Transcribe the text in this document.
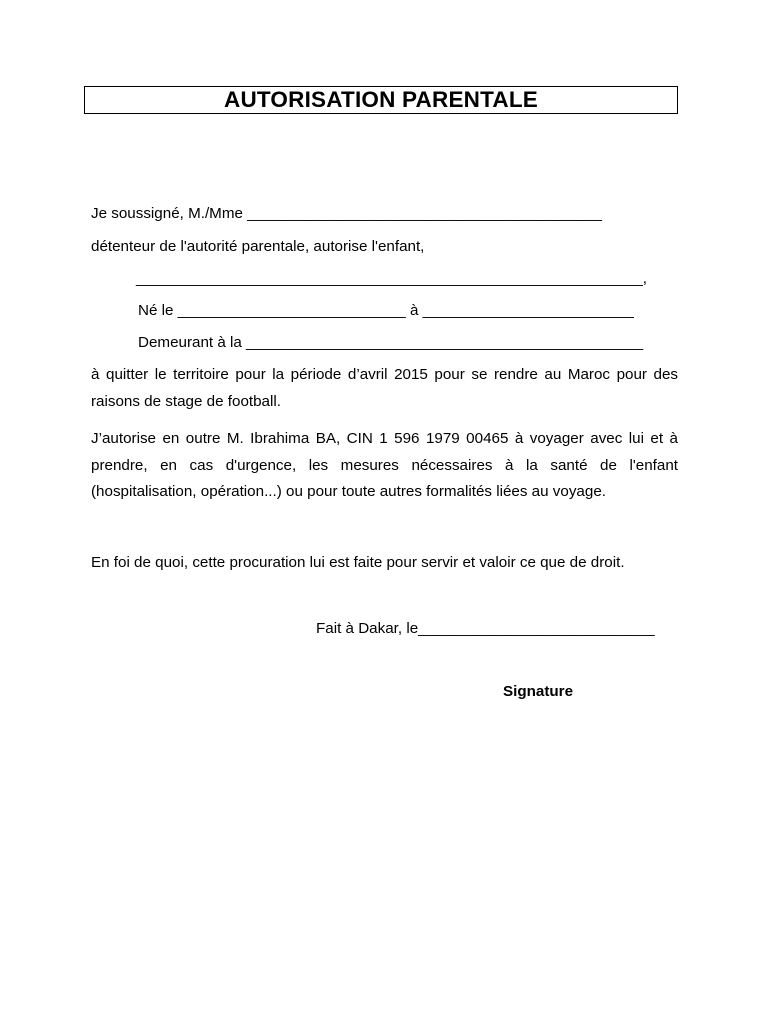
AUTORISATION PARENTALE
Je soussigné, M./Mme __________________________________________
détenteur de l'autorité parentale, autorise l'enfant,
____________________________________________________________,
Né le ___________________________ à _________________________
Demeurant à la _______________________________________________
à quitter le territoire pour la période d’avril 2015 pour se rendre au Maroc pour des raisons de stage de football.
J’autorise en outre M. Ibrahima BA, CIN 1 596 1979 00465 à voyager avec lui et à prendre, en cas d'urgence, les mesures nécessaires à la santé de l'enfant (hospitalisation, opération...) ou pour toute autres formalités liées au voyage.
En foi de quoi, cette procuration lui est faite pour servir et valoir ce que de droit.
Fait à Dakar, le____________________________
Signature
